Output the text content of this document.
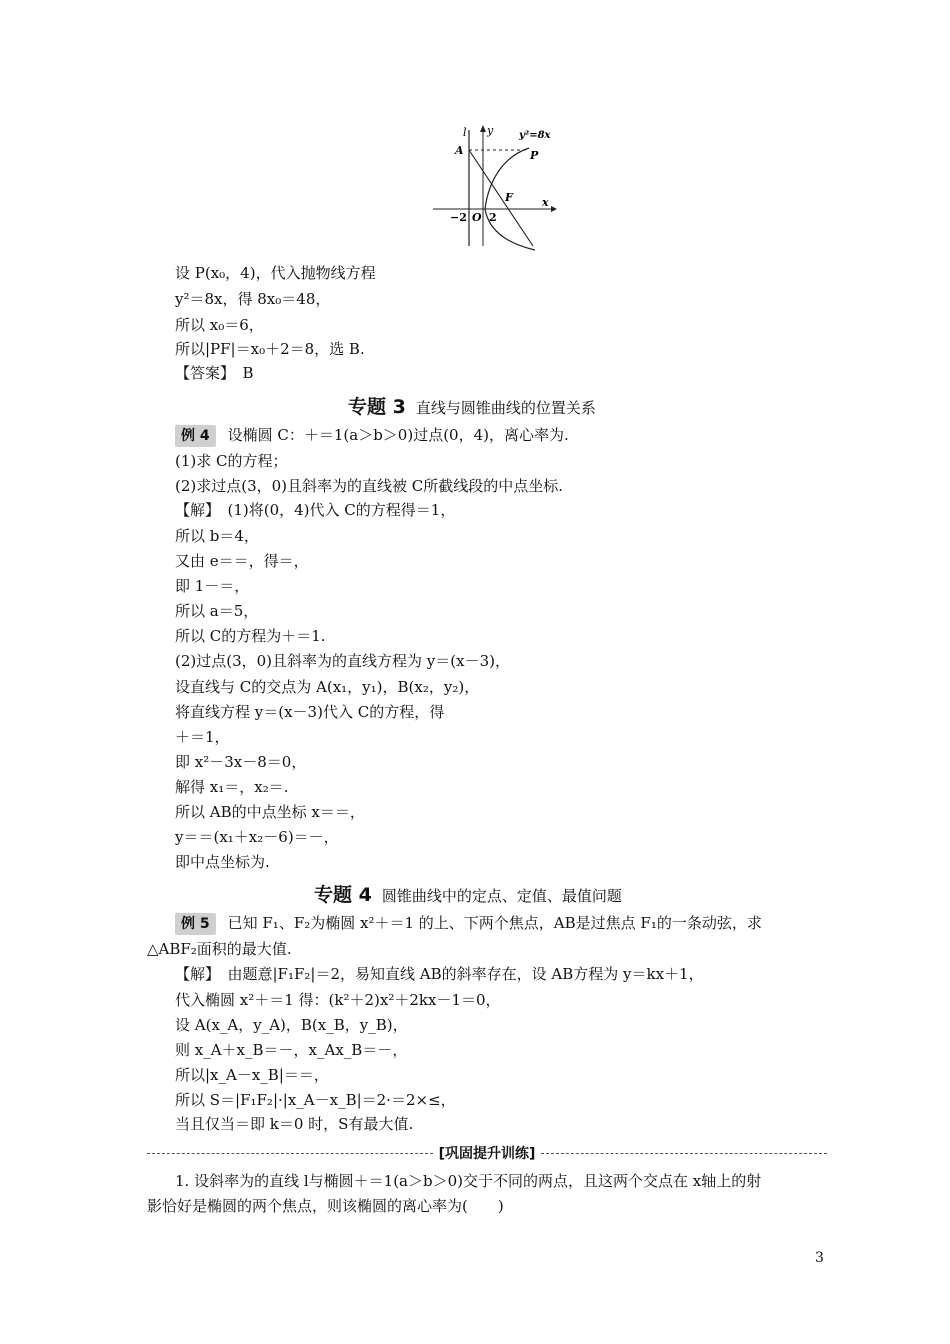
l y	y²=8x
A	P
F
−2 O 2
x
设 P(x₀，4)，代入抛物线方程
y²＝8x，得 8x₀＝48，
所以 x₀＝6，
所以|PF|＝x₀＋2＝8，选 B.
【答案】　B
专题 3 直线与圆锥曲线的位置关系
例 4 设椭圆 C：＋＝1(a＞b＞0)过点(0，4)，离心率为.
(1)求 C的方程；
(2)求过点(3，0)且斜率为的直线被 C所截线段的中点坐标.
【解】　(1)将(0，4)代入 C的方程得＝1，
所以 b＝4，
又由 e＝＝，得＝，
即 1－＝，
所以 a＝5，
所以 C的方程为＋＝1.
(2)过点(3，0)且斜率为的直线方程为 y＝(x－3)，
设直线与 C的交点为 A(x₁，y₁)，B(x₂，y₂)，
将直线方程 y＝(x－3)代入 C的方程，得
＋＝1，
即 x²－3x－8＝0，
解得 x₁＝，x₂＝.
所以 AB的中点坐标 x＝＝，
y＝＝(x₁＋x₂－6)＝－，
即中点坐标为.
专题 4 圆锥曲线中的定点、定值、最值问题
例 5 已知 F₁、F₂为椭圆 x²＋＝1 的上、下两个焦点，AB是过焦点 F₁的一条动弦，求
△ABF₂面积的最大值.
【解】　由题意|F₁F₂|＝2，易知直线 AB的斜率存在，设 AB方程为 y＝kx＋1，
代入椭圆 x²＋＝1 得：(k²＋2)x²＋2kx－1＝0，
设 A(x_A，y_A)，B(x_B，y_B)，
则 x_A＋x_B＝－，x_Ax_B＝－，
所以|x_A－x_B|＝＝，
所以 S＝|F₁F₂|·|x_A－x_B|＝2·＝2×≤，
当且仅当＝即 k＝0 时，S有最大值.
[巩固提升训练]
1. 设斜率为的直线 l与椭圆＋＝1(a＞b＞0)交于不同的两点，且这两个交点在 x轴上的射
影恰好是椭圆的两个焦点，则该椭圆的离心率为(　　)
3
